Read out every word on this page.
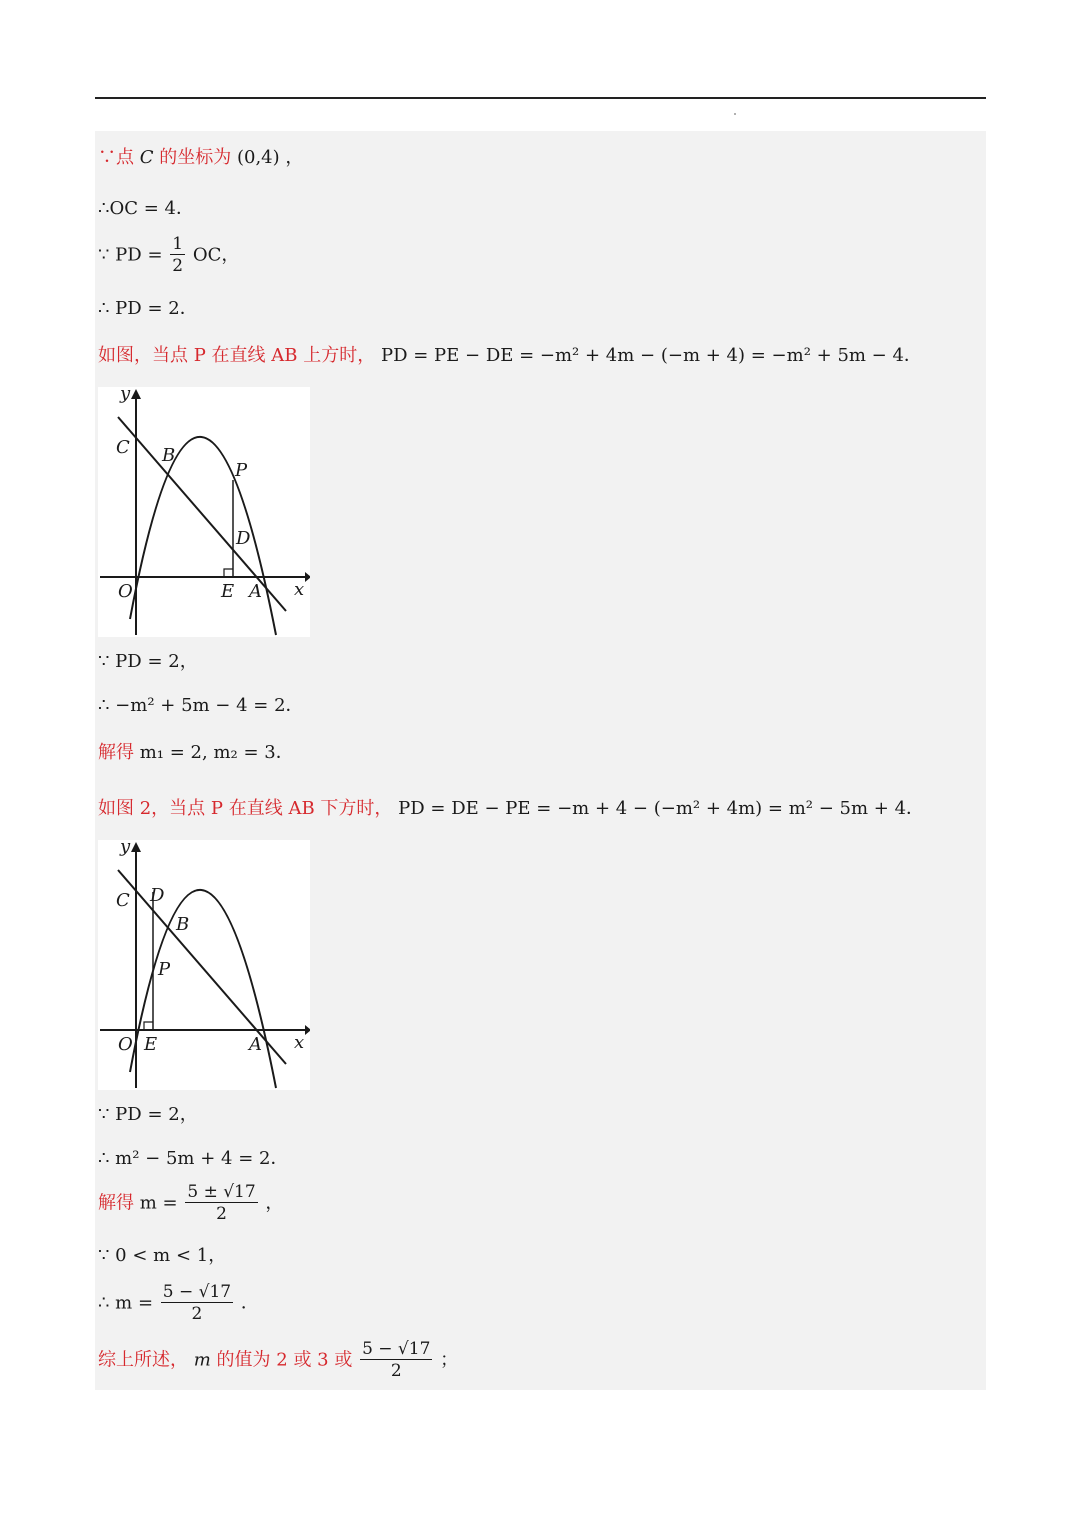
∵点 C 的坐标为 (0,4) ，
∴OC = 4．
∵ PD = $\frac{1}{2}$ OC，
∴ PD = 2．
如图，当点 P 在直线 AB 上方时， PD = PE − DE = −m² + 4m − (−m + 4) = −m² + 5m − 4．
y
C B
P
D
O	E A x
∵ PD = 2，
∴ −m² + 5m − 4 = 2．
解得 m₁ = 2, m₂ = 3．
如图 2，当点 P 在直线 AB 下方时， PD = DE − PE = −m + 4 − (−m² + 4m) = m² − 5m + 4．
y
C D
B
P
O E	A x
∵ PD = 2，
∴ m² − 5m + 4 = 2．
解得 $m = \frac{5 \pm √17}{2}$ ，
∵ 0 < m < 1，
∴ $m = \frac{5 - √17}{2}$ ．
综上所述， m 的值为 2 或 3 或 $\frac{5 - √17}{2}$ ；
